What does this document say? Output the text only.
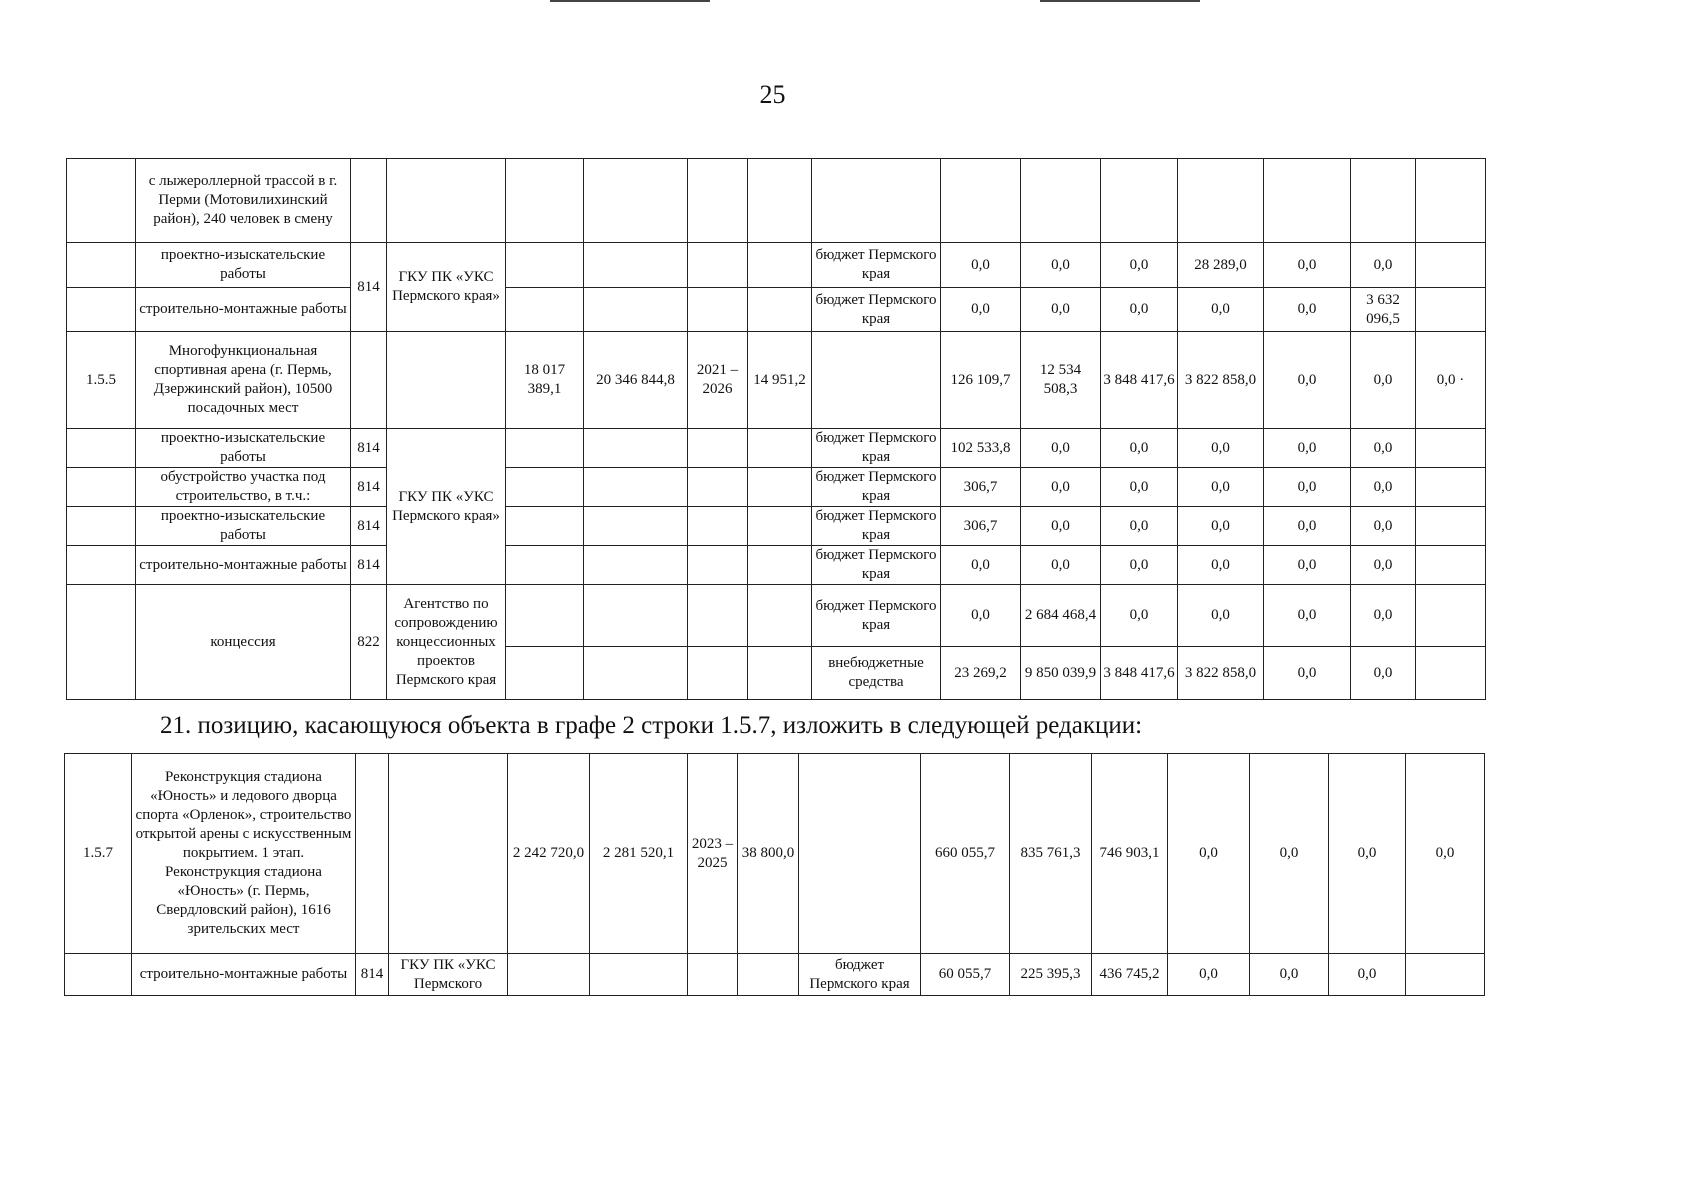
25
	с лыжероллерной трассой в г. Перми (Мотовилихинский район), 240 человек в смену														
	проектно-изыскательские работы	814	ГКУ ПК «УКС Пермского края»					бюджет Пермского края	0,0	0,0	0,0	28 289,0	0,0	0,0	
	строительно-монтажные работы							бюджет Пермского края	0,0	0,0	0,0	0,0	0,0	3 632 096,5	
1.5.5	Многофункциональная спортивная арена (г. Пермь, Дзержинский район), 10500 посадочных мест			18 017 389,1	20 346 844,8	2021 – 2026	14 951,2		126 109,7	12 534 508,3	3 848 417,6	3 822 858,0	0,0	0,0	0,0 ·
	проектно-изыскательские работы	814	ГКУ ПК «УКС Пермского края»					бюджет Пермского края	102 533,8	0,0	0,0	0,0	0,0	0,0	
	обустройство участка под строительство, в т.ч.:	814						бюджет Пермского края	306,7	0,0	0,0	0,0	0,0	0,0	
	проектно-изыскательские работы	814						бюджет Пермского края	306,7	0,0	0,0	0,0	0,0	0,0	
	строительно-монтажные работы	814						бюджет Пермского края	0,0	0,0	0,0	0,0	0,0	0,0	
	концессия	822	Агентство по сопровождению концессионных проектов Пермского края					бюджет Пермского края	0,0	2 684 468,4	0,0	0,0	0,0	0,0	
								внебюджетные средства	23 269,2	9 850 039,9	3 848 417,6	3 822 858,0	0,0	0,0	
21. позицию, касающуюся объекта в графе 2 строки 1.5.7, изложить в следующей редакции:
1.5.7	Реконструкция стадиона «Юность» и ледового дворца спорта «Орленок», строительство открытой арены с искусственным покрытием. 1 этап. Реконструкция стадиона «Юность» (г. Пермь, Свердловский район), 1616 зрительских мест			2 242 720,0	2 281 520,1	2023 – 2025	38 800,0		660 055,7	835 761,3	746 903,1	0,0	0,0	0,0	0,0
	строительно-монтажные работы	814	ГКУ ПК «УКС Пермского					бюджет Пермского края	60 055,7	225 395,3	436 745,2	0,0	0,0	0,0	
